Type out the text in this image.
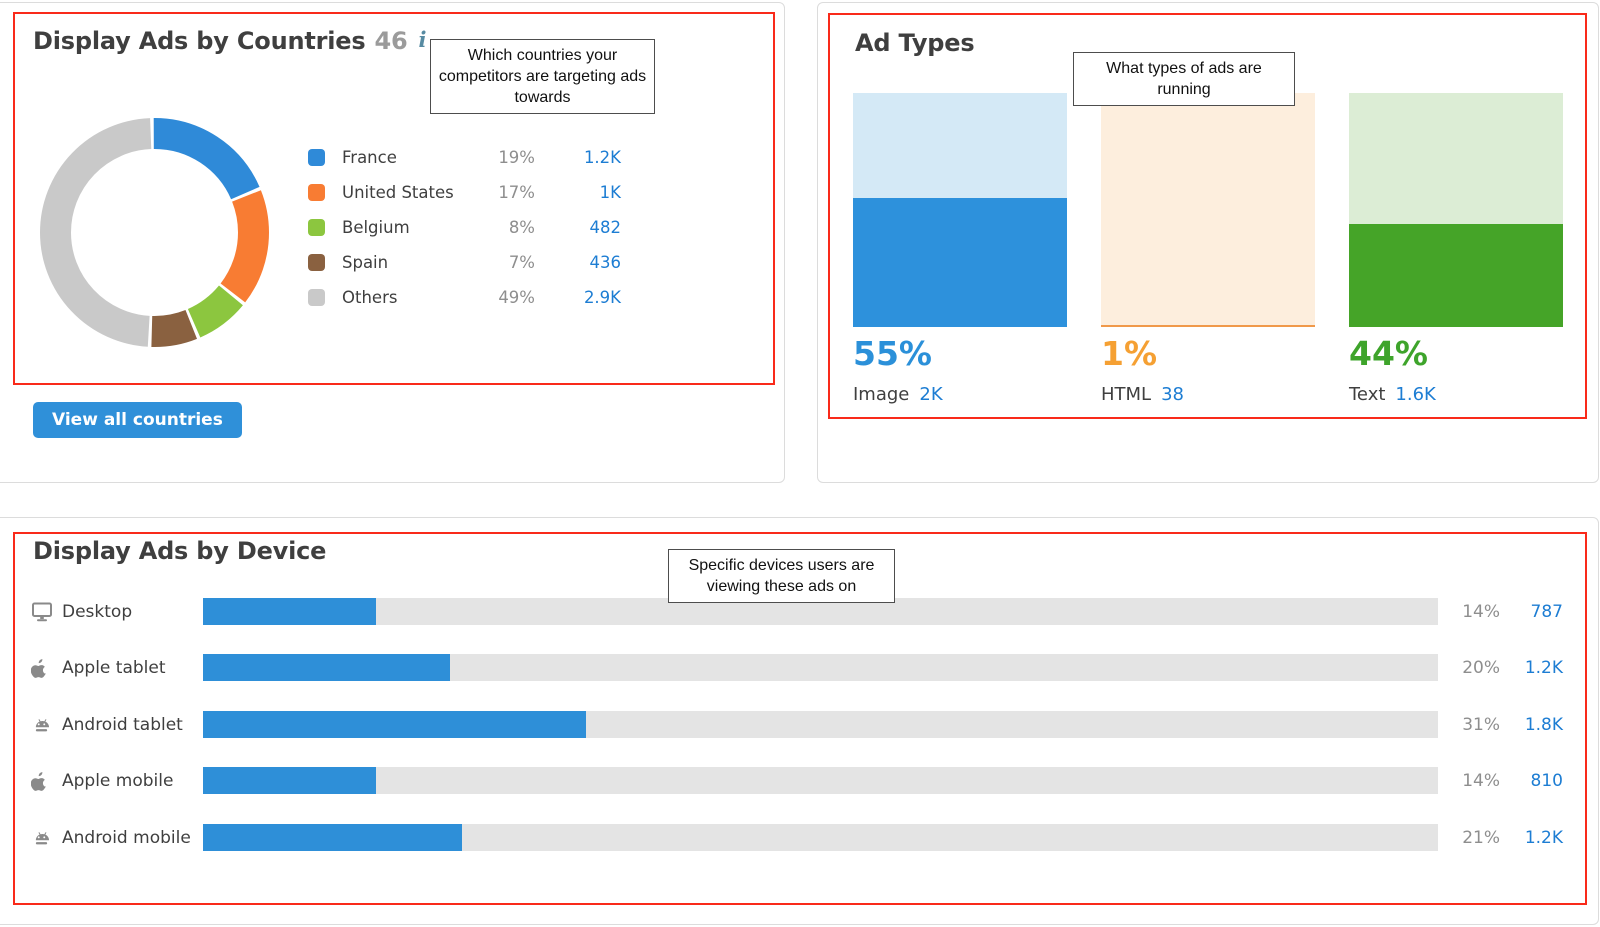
Display Ads by Countries 46 i
Which countries your competitors are targeting ads towards
France	19%	1.2K
United States	17%	1K
Belgium	8%	482
Spain	7%	436
Others	49%	2.9K
View all countries
Ad Types
What types of ads are running
55%	1%	44%
Image 2K	HTML 38	Text 1.6K
Display Ads by Device
Specific devices users are viewing these ads on
Desktop	14%	787
Apple tablet	20%	1.2K
Android tablet	31%	1.8K
Apple mobile	14%	810
Android mobile	21%	1.2K
